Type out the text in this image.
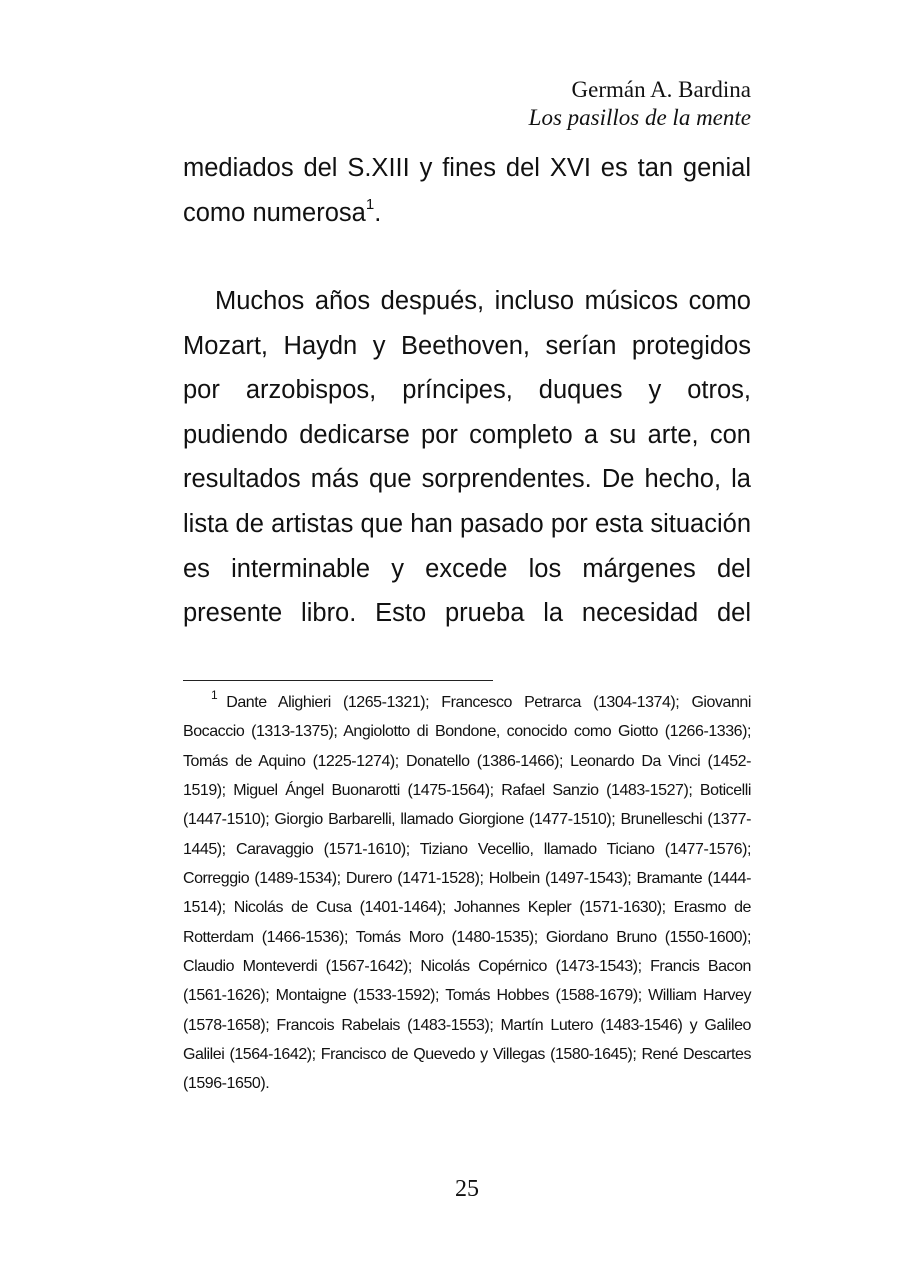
Germán A. Bardina
Los pasillos de la mente

mediados del S.XIII y fines del XVI es tan genial como numerosa$^1$.

Muchos años después, incluso músicos como Mozart, Haydn y Beethoven, serían protegidos por arzobispos, príncipes, duques y otros, pudiendo dedicarse por completo a su arte, con resultados más que sorprendentes. De hecho, la lista de artistas que han pasado por esta situación es interminable y excede los márgenes del presente libro. Esto prueba la necesidad del

$^1$ Dante Alighieri (1265-1321); Francesco Petrarca (1304-1374); Giovanni Bocaccio (1313-1375); Angiolotto di Bondone, conocido como Giotto (1266-1336); Tomás de Aquino (1225-1274); Donatello (1386-1466); Leonardo Da Vinci (1452-1519); Miguel Ángel Buonarotti (1475-1564); Rafael Sanzio (1483-1527); Boticelli (1447-1510); Giorgio Barbarelli, llamado Giorgione (1477-1510); Brunelleschi (1377-1445); Caravaggio (1571-1610); Tiziano Vecellio, llamado Ticiano (1477-1576); Correggio (1489-1534); Durero (1471-1528); Holbein (1497-1543); Bramante (1444-1514); Nicolás de Cusa (1401-1464); Johannes Kepler (1571-1630); Erasmo de Rotterdam (1466-1536); Tomás Moro (1480-1535); Giordano Bruno (1550-1600); Claudio Monteverdi (1567-1642); Nicolás Copérnico (1473-1543); Francis Bacon (1561-1626); Montaigne (1533-1592); Tomás Hobbes (1588-1679); William Harvey (1578-1658); Francois Rabelais (1483-1553); Martín Lutero (1483-1546) y Galileo Galilei (1564-1642); Francisco de Quevedo y Villegas (1580-1645); René Descartes (1596-1650).

25
